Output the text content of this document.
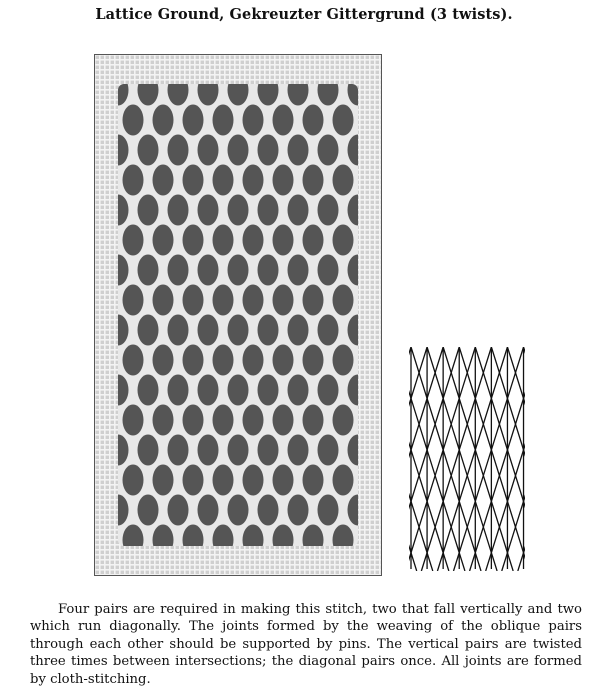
Lattice Ground, Gekreuzter Gittergrund (3 twists).
Four pairs are required in making this stitch, two that fall vertically and two which run diagonally. The joints formed by the weaving of the oblique pairs through each other should be supported by pins. The vertical pairs are twisted three times between intersections; the diagonal pairs once. All joints are formed by cloth-stitching.
